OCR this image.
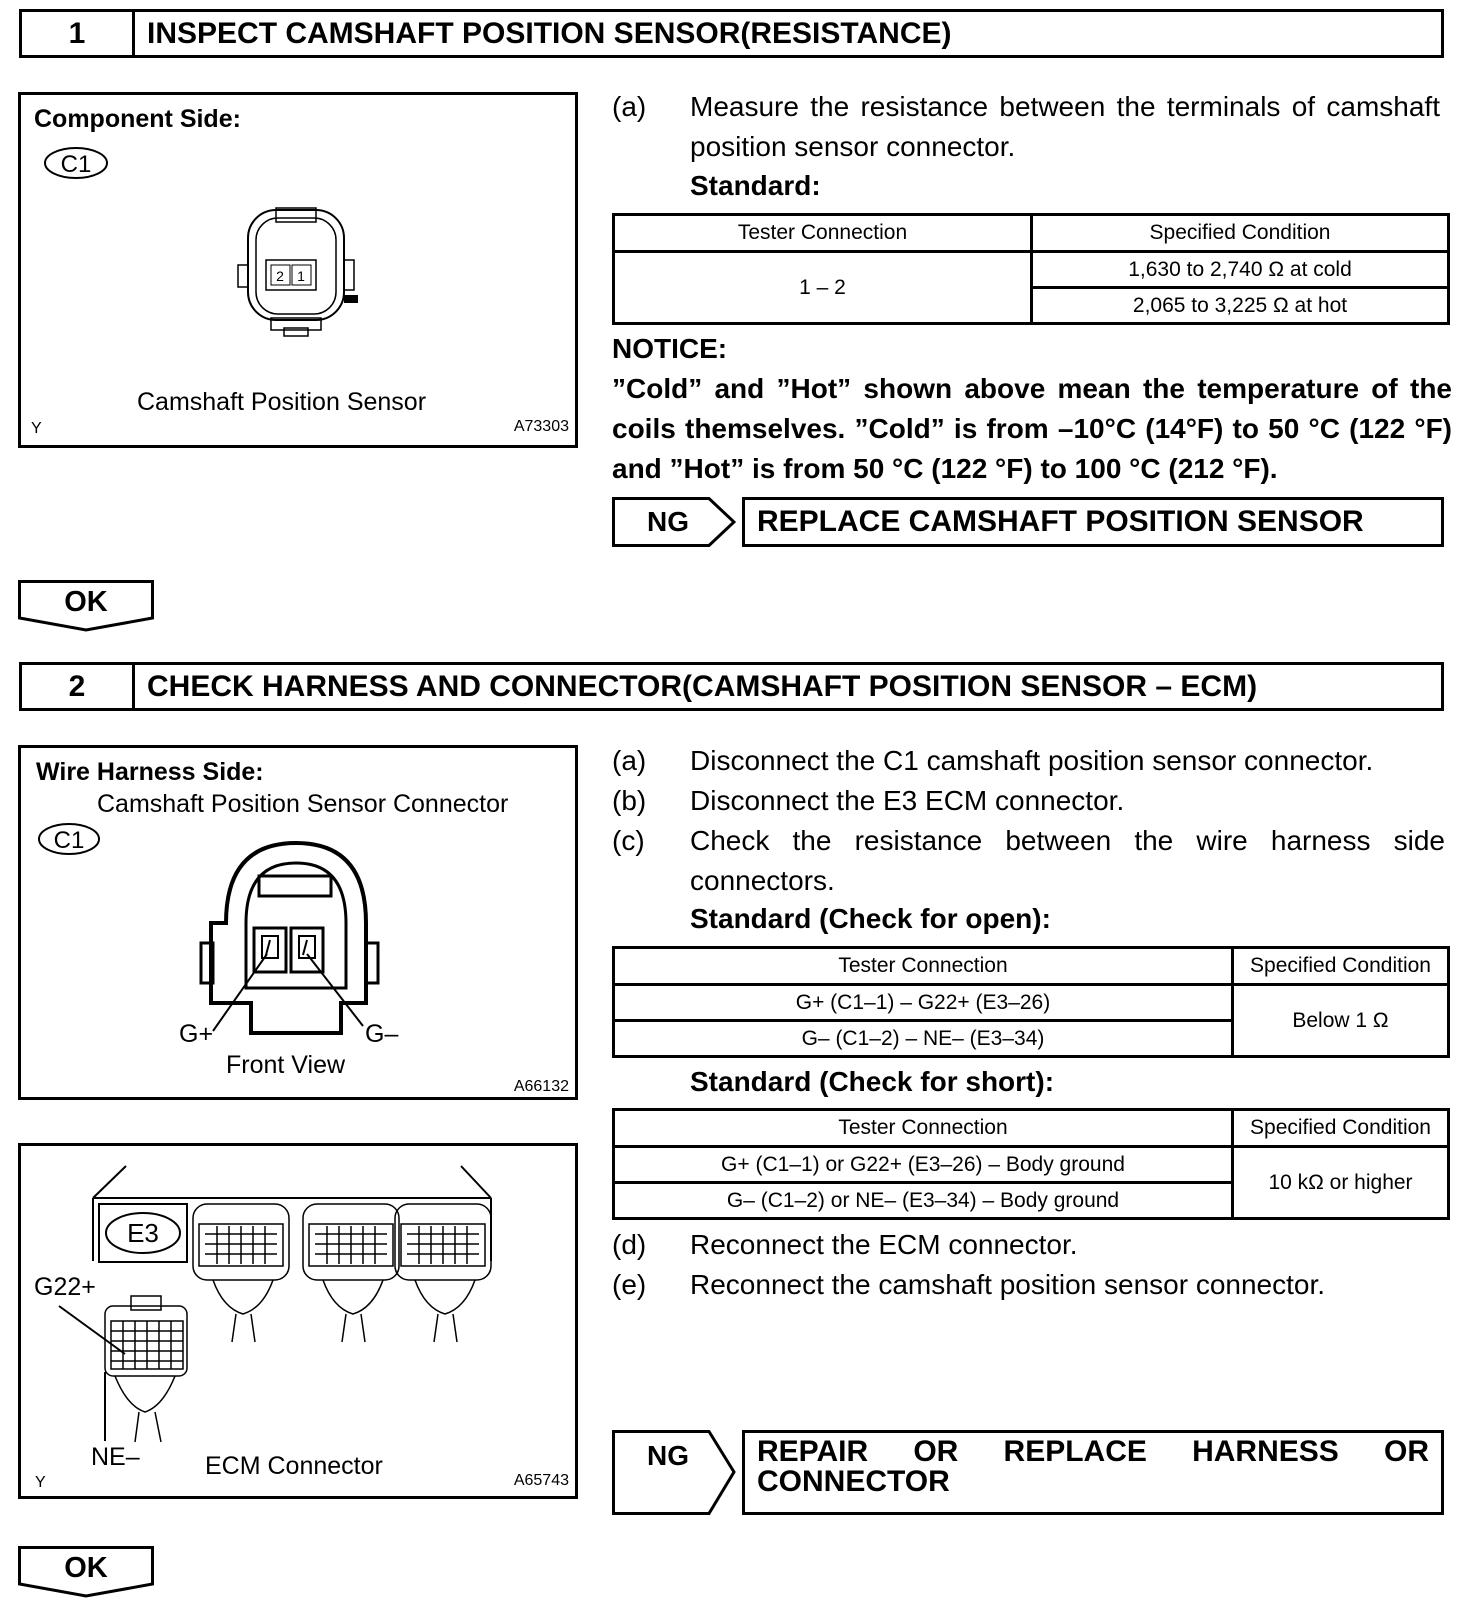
1	INSPECT CAMSHAFT POSITION SENSOR(RESISTANCE)
Component Side:
C1
2 1
Camshaft Position Sensor
Y	A73303
(a)	Measure the resistance between the terminals of camshaft position sensor connector.
Standard:
Tester Connection	Specified Condition
1 – 2	1,630 to 2,740 Ω at cold
	2,065 to 3,225 Ω at hot
NOTICE:
”Cold” and ”Hot” shown above mean the temperature of the coils themselves. ”Cold” is from –10°C (14°F) to 50 °C (122 °F) and ”Hot” is from 50 °C (122 °F) to 100 °C (212 °F).
NG	REPLACE CAMSHAFT POSITION SENSOR
OK
2	CHECK HARNESS AND CONNECTOR(CAMSHAFT POSITION SENSOR – ECM)
Wire Harness Side:
Camshaft Position Sensor Connector
C1
G+	G–
Front View
A66132
E3
G22+
NE–	ECM Connector
Y	A65743
(a) Disconnect the C1 camshaft position sensor connector.
(b) Disconnect the E3 ECM connector.
(c)	Check the resistance between the wire harness side connectors.
Standard (Check for open):
Tester Connection	Specified Condition
G+ (C1–1) – G22+ (E3–26)	Below 1 Ω
G– (C1–2) – NE– (E3–34)	
Standard (Check for short):
Tester Connection	Specified Condition
G+ (C1–1) or G22+ (E3–26) – Body ground	10 kΩ or higher
G– (C1–2) or NE– (E3–34) – Body ground	
(d) Reconnect the ECM connector.
(e) Reconnect the camshaft position sensor connector.
NG	REPAIR OR REPLACE HARNESS OR CONNECTOR
OK
